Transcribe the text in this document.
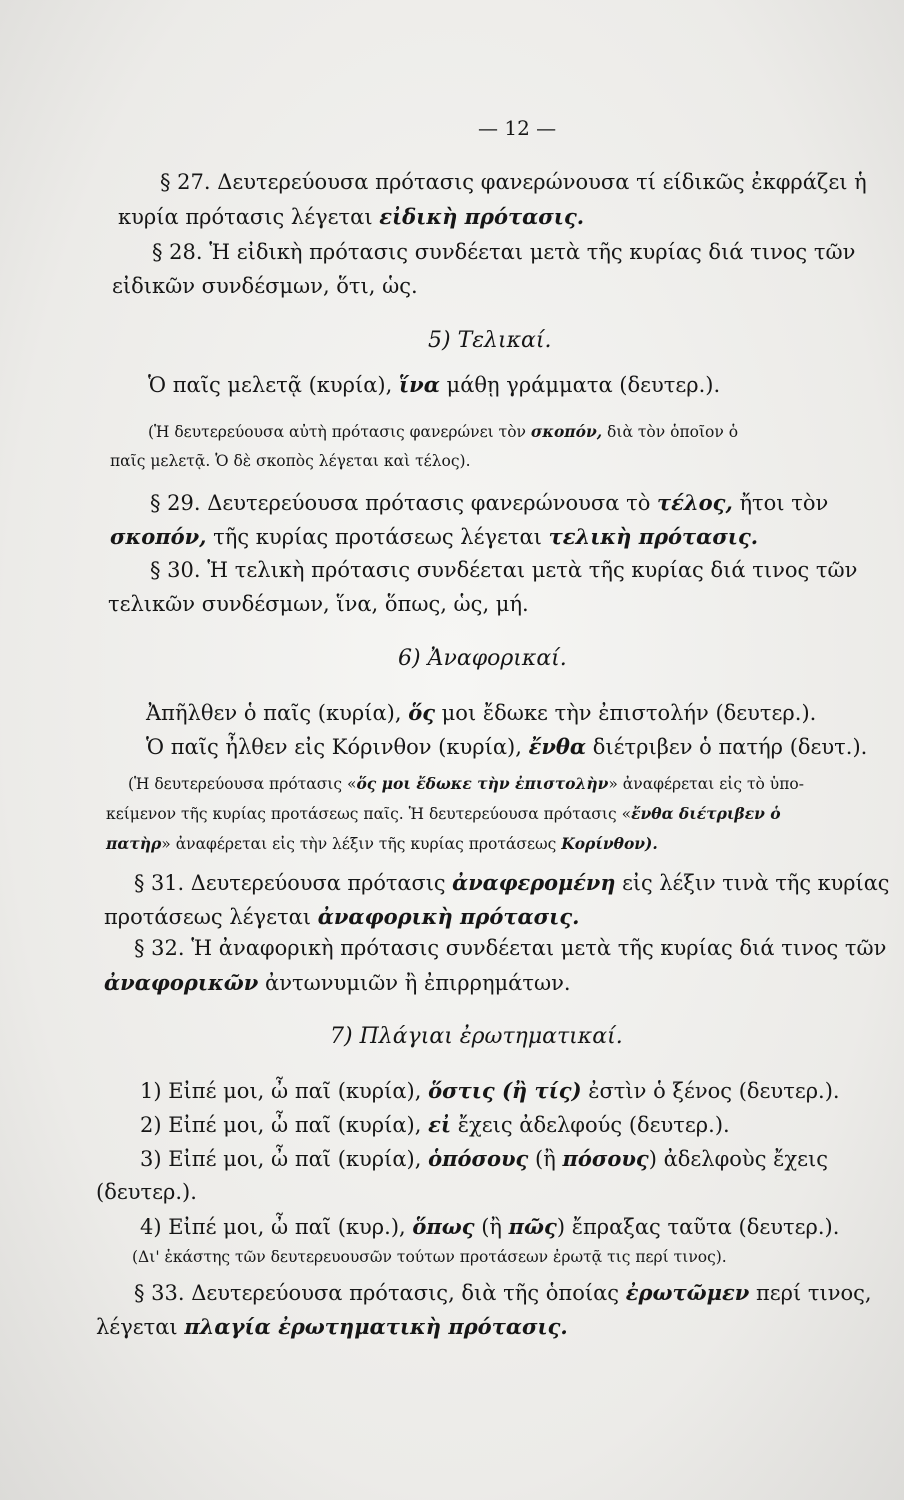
— 12 —
§ 27. Δευτερεύουσα πρότασις φανερώνουσα τί είδικῶς ἐκφράζει ἡ
κυρία πρότασις λέγεται εἰδικὴ πρότασις.
§ 28. Ἡ εἰδικὴ πρότασις συνδέεται μετὰ τῆς κυρίας διά τινος τῶν
εἰδικῶν συνδέσμων, ὅτι, ὡς.
5) Τελικαί.
Ὁ παῖς μελετᾷ (κυρία), ἵνα μάθῃ γράμματα (δευτερ.).
(Ἡ δευτερεύουσα αὐτὴ πρότασις φανερώνει τὸν σκοπόν, διὰ τὸν ὁποῖον ὁ
παῖς μελετᾷ. Ὁ δὲ σκοπὸς λέγεται καὶ τέλος).
§ 29. Δευτερεύουσα πρότασις φανερώνουσα τὸ τέλος, ἤτοι τὸν
σκοπόν, τῆς κυρίας προτάσεως λέγεται τελικὴ πρότασις.
§ 30. Ἡ τελικὴ πρότασις συνδέεται μετὰ τῆς κυρίας διά τινος τῶν
τελικῶν συνδέσμων, ἵνα, ὅπως, ὡς, μή.
6) Ἀναφορικαί.
Ἀπῆλθεν ὁ παῖς (κυρία), ὅς μοι ἔδωκε τὴν ἐπιστολήν (δευτερ.).
Ὁ παῖς ἦλθεν εἰς Κόρινθον (κυρία), ἔνθα διέτριβεν ὁ πατήρ (δευτ.).
(Ἡ δευτερεύουσα πρότασις «ὅς μοι ἔδωκε τὴν ἐπιστολὴν» ἀναφέρεται εἰς τὸ ὑπο-
κείμενον τῆς κυρίας προτάσεως παῖς. Ἡ δευτερεύουσα πρότασις «ἔνθα διέτριβεν ὁ
πατὴρ» ἀναφέρεται εἰς τὴν λέξιν τῆς κυρίας προτάσεως Κορίνθον).
§ 31. Δευτερεύουσα πρότασις ἀναφερομένη εἰς λέξιν τινὰ τῆς κυρίας
προτάσεως λέγεται ἀναφορικὴ πρότασις.
§ 32. Ἡ ἀναφορικὴ πρότασις συνδέεται μετὰ τῆς κυρίας διά τινος τῶν
ἀναφορικῶν ἀντωνυμιῶν ἢ ἐπιρρημάτων.
7) Πλάγιαι ἐρωτηματικαί.
1) Εἰπέ μοι, ὦ παῖ (κυρία), ὅστις (ἢ τίς) ἐστὶν ὁ ξένος (δευτερ.).
2) Εἰπέ μοι, ὦ παῖ (κυρία), εἰ ἔχεις ἀδελφούς (δευτερ.).
3) Εἰπέ μοι, ὦ παῖ (κυρία), ὁπόσους (ἢ πόσους) ἀδελφοὺς ἔχεις
(δευτερ.).
4) Εἰπέ μοι, ὦ παῖ (κυρ.), ὅπως (ἢ πῶς) ἔπραξας ταῦτα (δευτερ.).
(Δι' ἑκάστης τῶν δευτερευουσῶν τούτων προτάσεων ἐρωτᾷ τις περί τινος).
§ 33. Δευτερεύουσα πρότασις, διὰ τῆς ὁποίας ἐρωτῶμεν περί τινος,
λέγεται πλαγία ἐρωτηματικὴ πρότασις.
